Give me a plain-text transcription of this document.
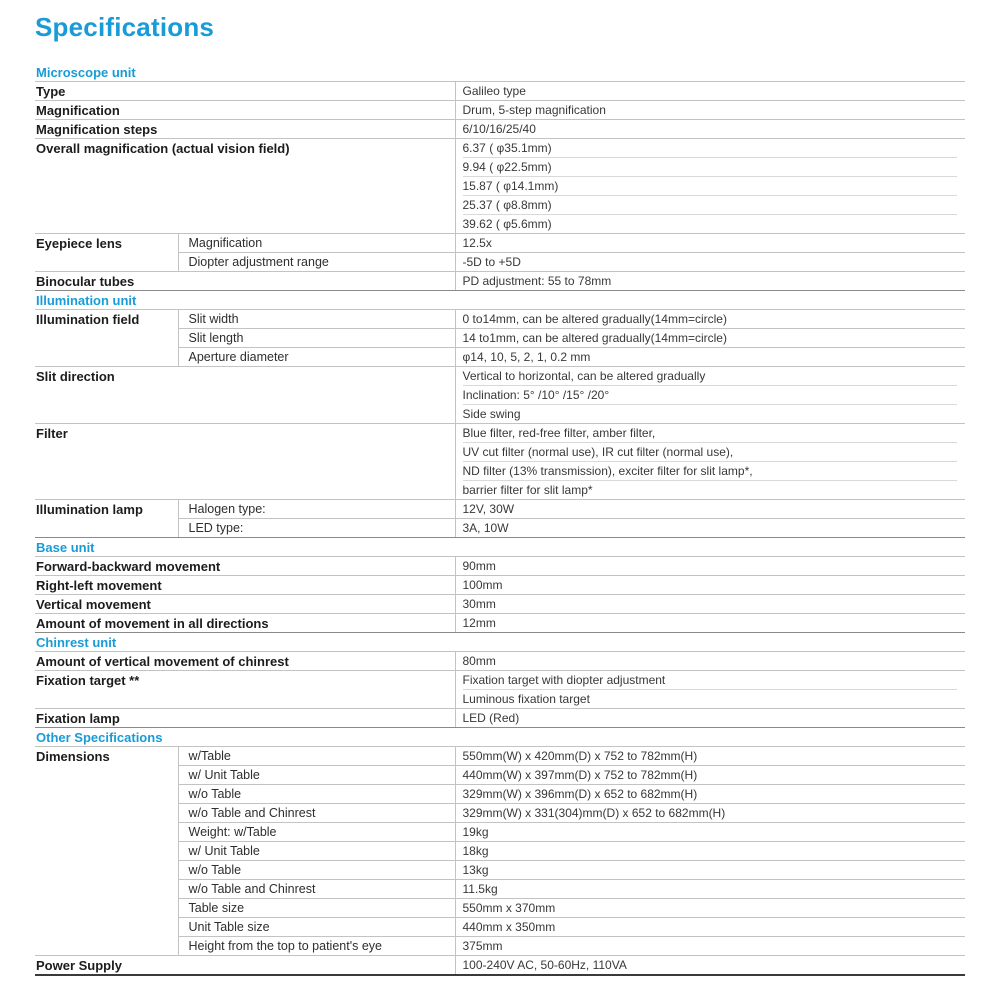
Specifications
Microscope unit		
Type		Galileo type

Magnification		Drum, 5-step magnification

Magnification steps		6/10/16/25/40

Overall magnification (actual vision field)		6.37 ( φ35.1mm)
9.94 ( φ22.5mm)
15.87 ( φ14.1mm)
25.37 ( φ8.8mm)
39.62 ( φ5.6mm)

Eyepiece lens	Magnification	12.5x

	Diopter adjustment range	-5D to +5D

Binocular tubes		PD adjustment: 55 to 78mm

Illumination unit		
Illumination field	Slit width	0 to14mm, can be altered gradually(14mm=circle)

	Slit length	14 to1mm, can be altered gradually(14mm=circle)

	Aperture diameter	φ14, 10, 5, 2, 1, 0.2 mm

Slit direction		Vertical to horizontal, can be altered gradually
Inclination: 5° /10° /15° /20°
Side swing

Filter		Blue filter, red-free filter, amber filter,
UV cut filter (normal use), IR cut filter (normal use),
ND filter (13% transmission), exciter filter for slit lamp*,
barrier filter for slit lamp*

Illumination lamp	Halogen type:	12V, 30W

	LED type:	3A, 10W

Base unit		
Forward-backward movement		90mm

Right-left movement		100mm

Vertical movement		30mm

Amount of movement in all directions		12mm

Chinrest unit		
Amount of vertical movement of chinrest		80mm

Fixation target **		Fixation target with diopter adjustment
Luminous fixation target

Fixation lamp		LED (Red)

Other Specifications		
Dimensions	w/Table	550mm(W) x 420mm(D) x 752 to 782mm(H)

	w/ Unit Table	440mm(W) x 397mm(D) x 752 to 782mm(H)

	w/o Table	329mm(W) x 396mm(D) x 652 to 682mm(H)

	w/o Table and Chinrest	329mm(W) x 331(304)mm(D) x 652 to 682mm(H)

	Weight: w/Table	19kg

	w/ Unit Table	18kg

	w/o Table	13kg

	w/o Table and Chinrest	11.5kg

	Table size	550mm x 370mm

	Unit Table size	440mm x 350mm

	Height from the top to patient's eye	375mm

Power Supply		100-240V AC, 50-60Hz, 110VA
